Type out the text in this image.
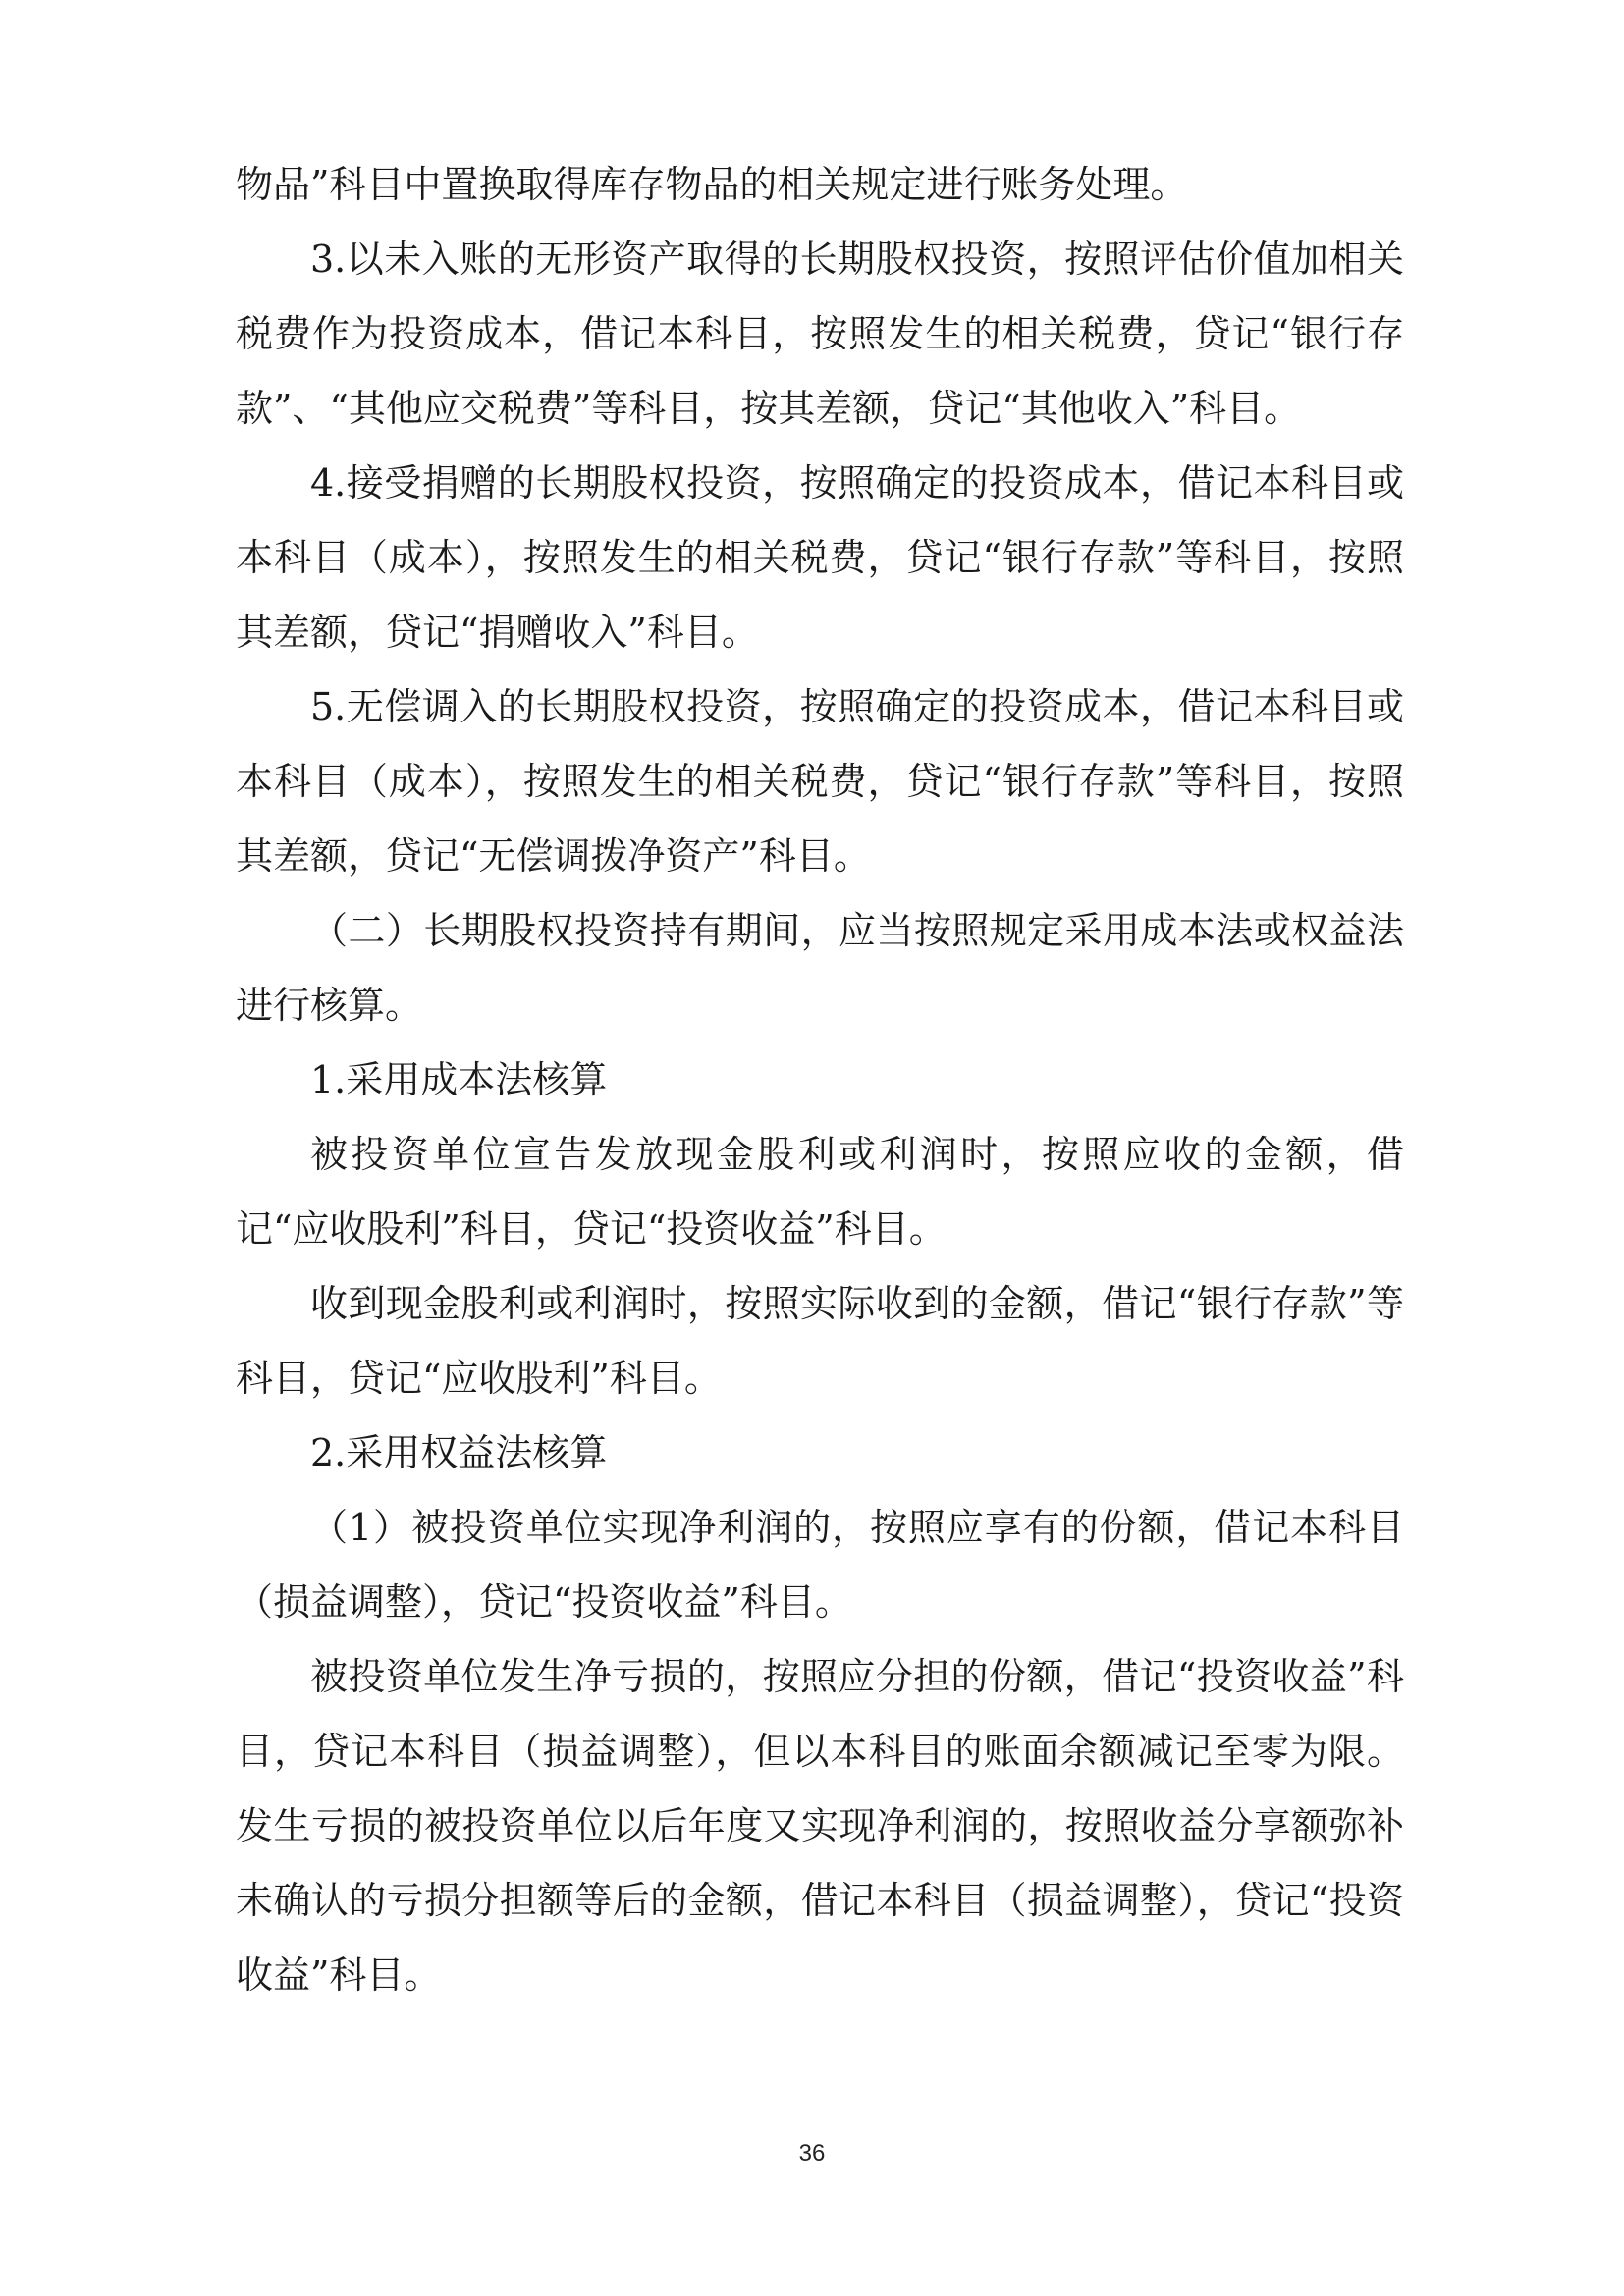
物品”科目中置换取得库存物品的相关规定进行账务处理。

3.以未入账的无形资产取得的长期股权投资，按照评估价值加相关税费作为投资成本，借记本科目，按照发生的相关税费，贷记“银行存款”、“其他应交税费”等科目，按其差额，贷记“其他收入”科目。

4.接受捐赠的长期股权投资，按照确定的投资成本，借记本科目或本科目（成本），按照发生的相关税费，贷记“银行存款”等科目，按照其差额，贷记“捐赠收入”科目。

5.无偿调入的长期股权投资，按照确定的投资成本，借记本科目或本科目（成本），按照发生的相关税费，贷记“银行存款”等科目，按照其差额，贷记“无偿调拨净资产”科目。

（二）长期股权投资持有期间，应当按照规定采用成本法或权益法进行核算。

1.采用成本法核算

被投资单位宣告发放现金股利或利润时，按照应收的金额，借记“应收股利”科目，贷记“投资收益”科目。

收到现金股利或利润时，按照实际收到的金额，借记“银行存款”等科目，贷记“应收股利”科目。

2.采用权益法核算

（1）被投资单位实现净利润的，按照应享有的份额，借记本科目（损益调整），贷记“投资收益”科目。

被投资单位发生净亏损的，按照应分担的份额，借记“投资收益”科目，贷记本科目（损益调整），但以本科目的账面余额减记至零为限。发生亏损的被投资单位以后年度又实现净利润的，按照收益分享额弥补未确认的亏损分担额等后的金额，借记本科目（损益调整），贷记“投资收益”科目。

36
